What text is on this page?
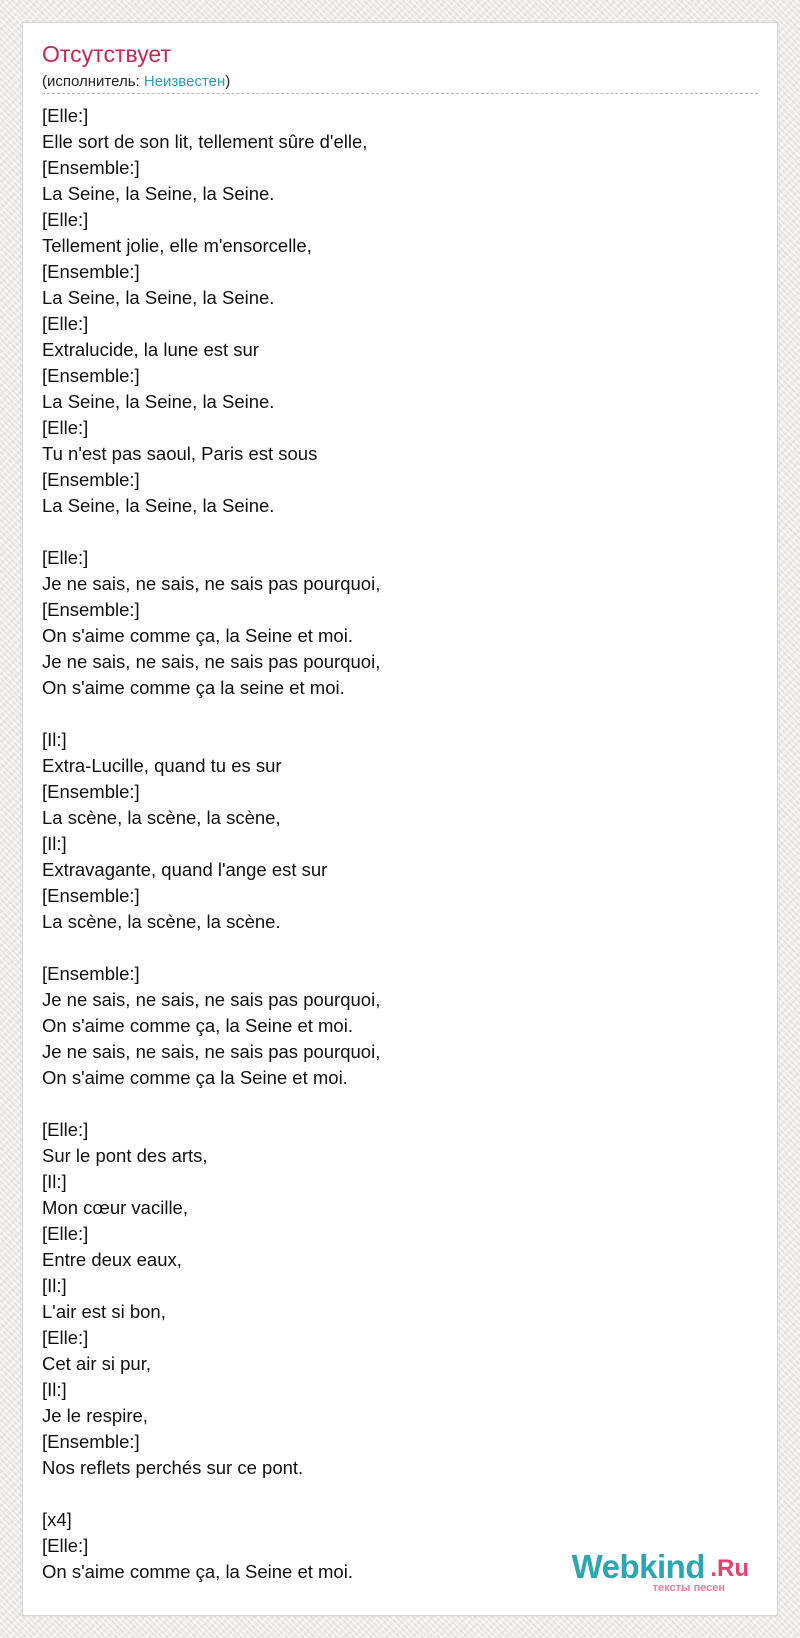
Отсутствует
(исполнитель: Неизвестен)
[Elle:]
Elle sort de son lit, tellement sûre d'elle,
[Ensemble:]
La Seine, la Seine, la Seine.
[Elle:]
Tellement jolie, elle m'ensorcelle,
[Ensemble:]
La Seine, la Seine, la Seine.
[Elle:]
Extralucide, la lune est sur
[Ensemble:]
La Seine, la Seine, la Seine.
[Elle:]
Tu n'est pas saoul, Paris est sous
[Ensemble:]
La Seine, la Seine, la Seine.
[Elle:]
Je ne sais, ne sais, ne sais pas pourquoi,
[Ensemble:]
On s'aime comme ça, la Seine et moi.
Je ne sais, ne sais, ne sais pas pourquoi,
On s'aime comme ça la seine et moi.
[Il:]
Extra-Lucille, quand tu es sur
[Ensemble:]
La scène, la scène, la scène,
[Il:]
Extravagante, quand l'ange est sur
[Ensemble:]
La scène, la scène, la scène.
[Ensemble:]
Je ne sais, ne sais, ne sais pas pourquoi,
On s'aime comme ça, la Seine et moi.
Je ne sais, ne sais, ne sais pas pourquoi,
On s'aime comme ça la Seine et moi.
[Elle:]
Sur le pont des arts,
[Il:]
Mon cœur vacille,
[Elle:]
Entre deux eaux,
[Il:]
L'air est si bon,
[Elle:]
Cet air si pur,
[Il:]
Je le respire,
[Ensemble:]
Nos reflets perchés sur ce pont.
[x4]
[Elle:]
On s'aime comme ça, la Seine et moi.	Webkind .Ru
тексты песен
